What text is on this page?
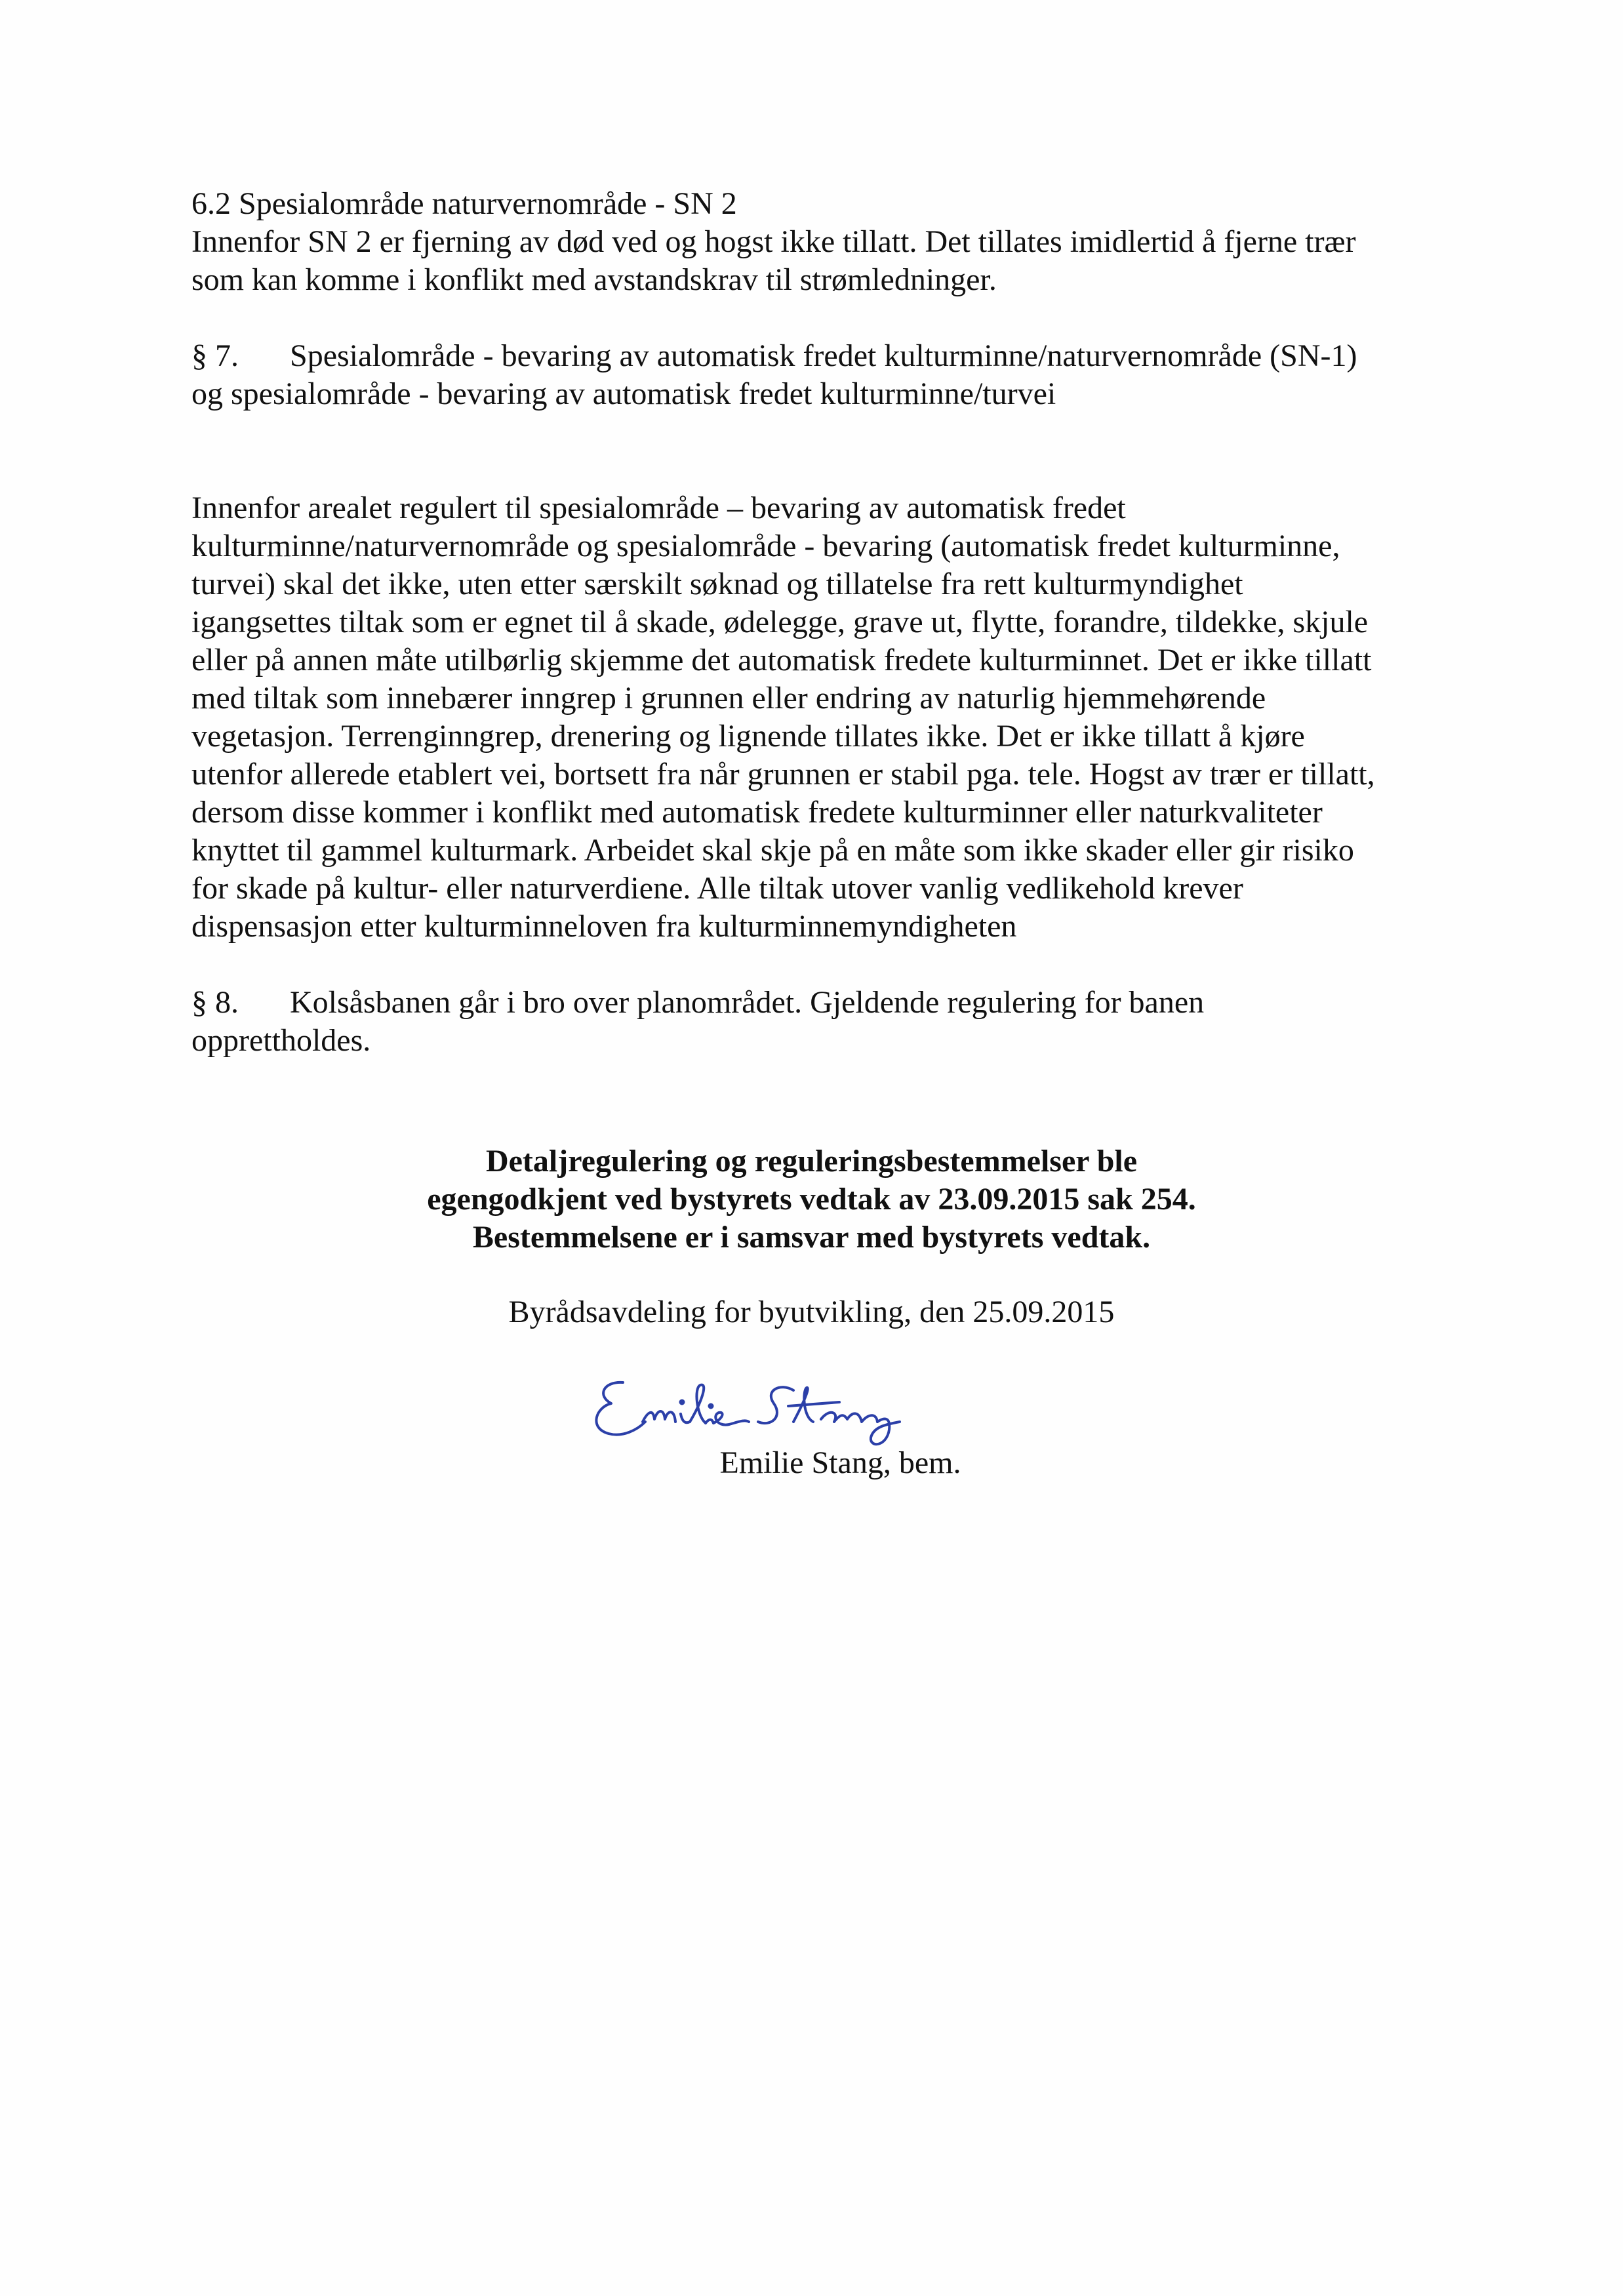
6.2 Spesialområde naturvernområde - SN 2
Innenfor SN 2 er fjerning av død ved og hogst ikke tillatt. Det tillates imidlertid å fjerne trær
som kan komme i konflikt med avstandskrav til strømledninger.
§ 7. Spesialområde - bevaring av automatisk fredet kulturminne/naturvernområde (SN-1)
og spesialområde - bevaring av automatisk fredet kulturminne/turvei
Innenfor arealet regulert til spesialområde – bevaring av automatisk fredet
kulturminne/naturvernområde og spesialområde - bevaring (automatisk fredet kulturminne,
turvei) skal det ikke, uten etter særskilt søknad og tillatelse fra rett kulturmyndighet
igangsettes tiltak som er egnet til å skade, ødelegge, grave ut, flytte, forandre, tildekke, skjule
eller på annen måte utilbørlig skjemme det automatisk fredete kulturminnet. Det er ikke tillatt
med tiltak som innebærer inngrep i grunnen eller endring av naturlig hjemmehørende
vegetasjon. Terrenginngrep, drenering og lignende tillates ikke. Det er ikke tillatt å kjøre
utenfor allerede etablert vei, bortsett fra når grunnen er stabil pga. tele. Hogst av trær er tillatt,
dersom disse kommer i konflikt med automatisk fredete kulturminner eller naturkvaliteter
knyttet til gammel kulturmark. Arbeidet skal skje på en måte som ikke skader eller gir risiko
for skade på kultur- eller naturverdiene. Alle tiltak utover vanlig vedlikehold krever
dispensasjon etter kulturminneloven fra kulturminnemyndigheten
§ 8. Kolsåsbanen går i bro over planområdet. Gjeldende regulering for banen
opprettholdes.
Detaljregulering og reguleringsbestemmelser ble
egengodkjent ved bystyrets vedtak av 23.09.2015 sak 254.
Bestemmelsene er i samsvar med bystyrets vedtak.
Byrådsavdeling for byutvikling, den 25.09.2015
Emilie Stang, bem.
